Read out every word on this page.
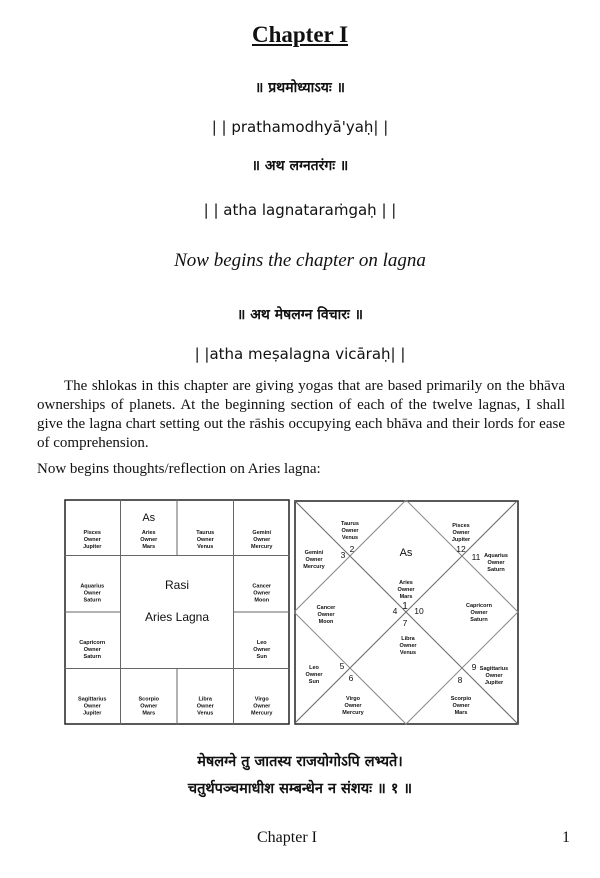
Chapter I
॥ प्रथमोध्याऽयः ॥
| | prathamodhyā'yaḥ| |
॥ अथ लग्नतरंगः ॥
| | atha lagnataraṁgaḥ | |
Now begins the chapter on lagna
॥ अथ मेषलग्न विचारः ॥
| |atha meṣalagna vicāraḥ| |

The shlokas in this chapter are giving yogas that are based primarily on the bhāva ownerships of planets. At the beginning section of each of the twelve lagnas, I shall give the lagna chart setting out the rāshis occupying each bhāva and their lords for ease of comprehension.

Now begins thoughts/reflection on Aries lagna:
Pisces
Owner
Jupiter
Aries
Owner
Mars
Taurus
Owner
Venus
Gemini
Owner
Mercury
Cancer
Owner
Moon
Leo
Owner
Sun
Virgo
Owner
Mercury
Libra
Owner
Venus
Scorpio
Owner
Mars
Sagittarius
Owner
Jupiter
Capricorn
Owner
Saturn
Aquarius
Owner
Saturn
As
Rasi
Aries Lagna
Aries
Owner
Mars
1
Taurus
Owner
Venus
2
Gemini
Owner
Mercury
3
Cancer
Owner
Moon
4
Leo
Owner
Sun
5
Virgo
Owner
Mercury
6
Libra
Owner
Venus
7
Scorpio
Owner
Mars
8
Sagittarius
Owner
Jupiter
9
Capricorn
Owner
Saturn
10
Aquarius
Owner
Saturn
11
Pisces
Owner
Jupiter
12
As
मेषलग्ने तु जातस्य राजयोगोऽपि लभ्यते।
चतुर्थपञ्चमाधीश सम्बन्धेन न संशयः ॥ १ ॥
Chapter I	1
